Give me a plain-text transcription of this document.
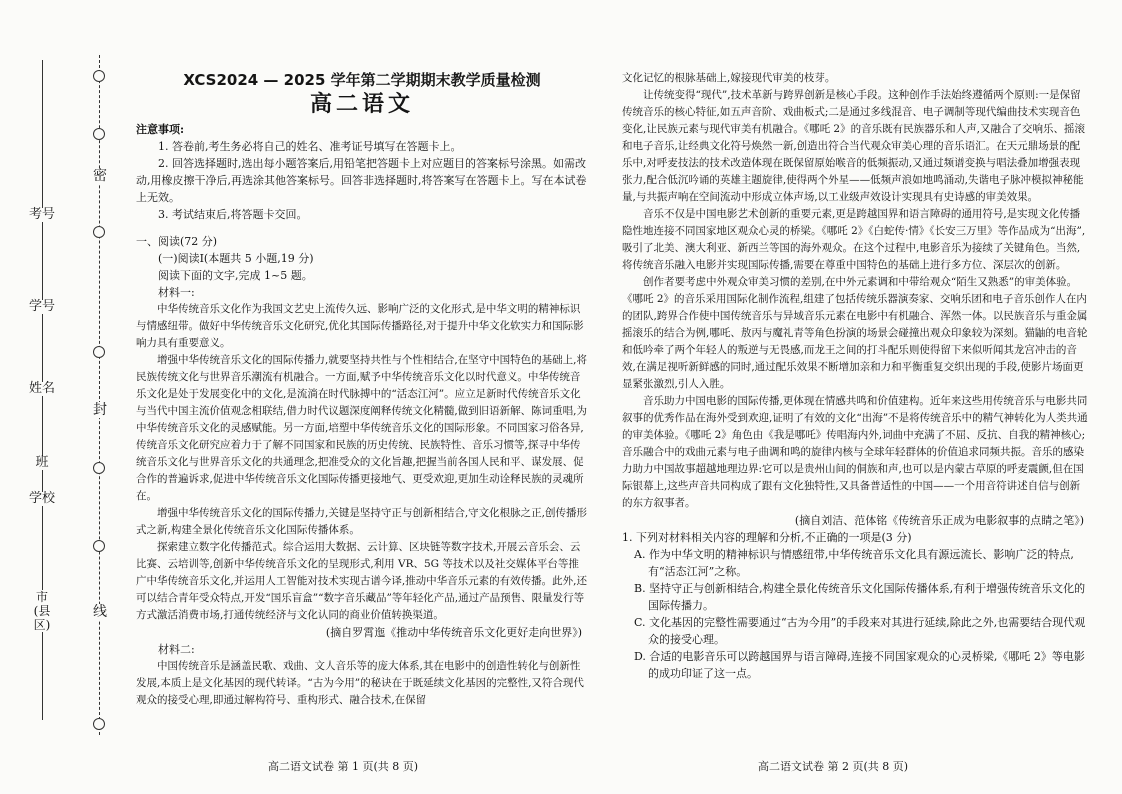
密
封
线
考号
学号
姓名
班
学校
市(县区)
XCS2024 — 2025 学年第二学期期末教学质量检测
高二语文
注意事项:

1. 答卷前,考生务必将自己的姓名、准考证号填写在答题卡上。

2. 回答选择题时,选出每小题答案后,用铅笔把答题卡上对应题目的答案标号涂黑。如需改动,用橡皮擦干净后,再选涂其他答案标号。回答非选择题时,将答案写在答题卡上。写在本试卷上无效。

3. 考试结束后,将答题卡交回。

一、阅读(72 分)

(一)阅读Ⅰ(本题共 5 小题,19 分)

阅读下面的文字,完成 1~5 题。

材料一:

中华传统音乐文化作为我国文艺史上流传久远、影响广泛的文化形式,是中华文明的精神标识与情感纽带。做好中华传统音乐文化研究,优化其国际传播路径,对于提升中华文化软实力和国际影响力具有重要意义。

增强中华传统音乐文化的国际传播力,就要坚持共性与个性相结合,在坚守中国特色的基础上,将民族传统文化与世界音乐潮流有机融合。一方面,赋予中华传统音乐文化以时代意义。中华传统音乐文化是处于发展变化中的文化,是流淌在时代脉搏中的“活态江河”。应立足新时代传统音乐文化与当代中国主流价值观念相联结,借力时代议题深度阐释传统文化精髓,做到旧语新解、陈词重唱,为中华传统音乐文化的灵感赋能。另一方面,培塑中华传统音乐文化的国际形象。不同国家习俗各异,传统音乐文化研究应着力于了解不同国家和民族的历史传统、民族特性、音乐习惯等,探寻中华传统音乐文化与世界音乐文化的共通理念,把准受众的文化旨趣,把握当前各国人民和平、谋发展、促合作的普遍诉求,促进中华传统音乐文化国际传播更接地气、更受欢迎,更加生动诠释民族的灵魂所在。

增强中华传统音乐文化的国际传播力,关键是坚持守正与创新相结合,守文化根脉之正,创传播形式之新,构建全景化传统音乐文化国际传播体系。

探索建立数字化传播范式。综合运用大数据、云计算、区块链等数字技术,开展云音乐会、云比赛、云培训等,创新中华传统音乐文化的呈现形式,利用 VR、5G 等技术以及社交媒体平台等推广中华传统音乐文化,并运用人工智能对技术实现古谱今译,推动中华音乐元素的有效传播。此外,还可以结合青年受众特点,开发“国乐盲盒”“数字音乐藏品”等年轻化产品,通过产品预售、限量发行等方式激活消费市场,打通传统经济与文化认同的商业价值转换渠道。

(摘自罗霄迤《推动中华传统音乐文化更好走向世界》)

材料二:

中国传统音乐是涵盖民歌、戏曲、文人音乐等的庞大体系,其在电影中的创造性转化与创新性发展,本质上是文化基因的现代转译。“古为今用”的秘诀在于既延续文化基因的完整性,又符合现代观众的接受心理,即通过解构符号、重构形式、融合技术,在保留

高二语文试卷 第 1 页(共 8 页)

文化记忆的根脉基础上,嫁接现代审美的枝芽。

让传统变得“现代”,技术革新与跨界创新是核心手段。这种创作手法始终遵循两个原则:一是保留传统音乐的核心特征,如五声音阶、戏曲板式;二是通过多线混音、电子调制等现代编曲技术实现音色变化,让民族元素与现代审美有机融合。《哪吒 2》的音乐既有民族器乐和人声,又融合了交响乐、摇滚和电子音乐,让经典文化符号焕然一新,创造出符合当代观众审美心理的音乐语汇。在天元鼎场景的配乐中,对呼麦技法的技术改造体现在既保留原始喉音的低频振动,又通过频谱变换与唱法叠加增强表现张力,配合低沉吟诵的英雄主题旋律,使得两个外星——低频声浪如地鸣涌动,失谐电子脉冲模拟神秘能量,与共振声响在空间流动中形成立体声场,以工业级声效设计实现具有史诗感的审美效果。

音乐不仅是中国电影艺术创新的重要元素,更是跨越国界和语言障碍的通用符号,是实现文化传播隐性地连接不同国家地区观众心灵的桥梁。《哪吒 2》《白蛇传·情》《长安三万里》等作品成为“出海”,吸引了北美、澳大利亚、新西兰等国的海外观众。在这个过程中,电影音乐为接续了关键角色。当然,将传统音乐融入电影并实现国际传播,需要在尊重中国特色的基础上进行多方位、深层次的创新。

创作者要考虑中外观众审美习惯的差别,在中外元素调和中带给观众“陌生又熟悉”的审美体验。《哪吒 2》的音乐采用国际化制作流程,组建了包括传统乐器演奏家、交响乐团和电子音乐创作人在内的团队,跨界合作使中国传统音乐与异域音乐元素在电影中有机融合、浑然一体。以民族音乐与重金属摇滚乐的结合为例,哪吒、敖丙与魔礼青等角色扮演的场景会碰撞出观众印象较为深刻。猫鼬的电音轮和低吟牵了两个年轻人的叛逆与无畏感,而龙王之间的打斗配乐则使得留下来似听闻其龙宫冲击的音效,在满足视听新鲜感的同时,通过配乐效果不断增加亲和力和平衡重复交织出现的手段,使影片场面更显紧张激烈,引人入胜。

音乐助力中国电影的国际传播,更体现在情感共鸣和价值建构。近年来这些用传统音乐与电影共同叙事的优秀作品在海外受到欢迎,证明了有效的文化“出海”不是将传统音乐中的精气神转化为人类共通的审美体验。《哪吒 2》角色由《我是哪吒》传唱海内外,词曲中充满了不屈、反抗、自我的精神核心;音乐融合中的戏曲元素与电子曲调和鸣的旋律内核与全球年轻群体的价值追求同频共振。音乐的感染力助力中国故事超越地理边界:它可以是贵州山间的侗族和声,也可以是内蒙古草原的呼麦震颤,但在国际银幕上,这些声音共同构成了跟有文化独特性,又具备普适性的中国——一个用音符讲述自信与创新的东方叙事者。

(摘自刘洁、范体铭《传统音乐正成为电影叙事的点睛之笔》)

1. 下列对材料相关内容的理解和分析,不正确的一项是(3 分)

A. 作为中华文明的精神标识与情感纽带,中华传统音乐文化具有源远流长、影响广泛的特点,有“活态江河”之称。

B. 坚持守正与创新相结合,构建全景化传统音乐文化国际传播体系,有利于增强传统音乐文化的国际传播力。

C. 文化基因的完整性需要通过“古为今用”的手段来对其进行延续,除此之外,也需要结合现代观众的接受心理。

D. 合适的电影音乐可以跨越国界与语言障碍,连接不同国家观众的心灵桥梁,《哪吒 2》等电影的成功印证了这一点。

高二语文试卷 第 2 页(共 8 页)
